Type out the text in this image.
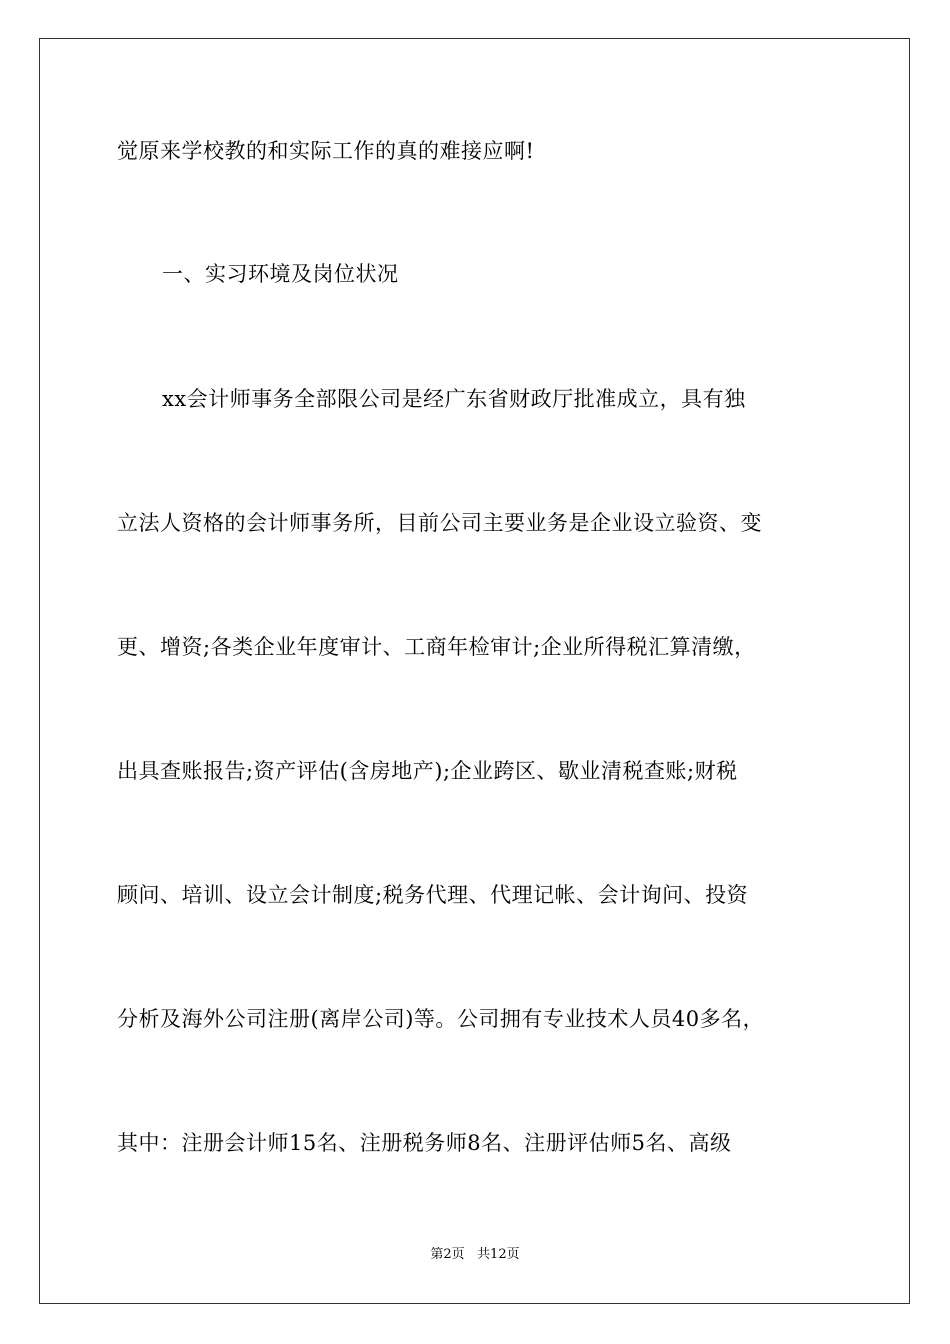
觉原来学校教的和实际工作的真的难接应啊!
一、实习环境及岗位状况
xx会计师事务全部限公司是经广东省财政厅批准成立，具有独
立法人资格的会计师事务所，目前公司主要业务是企业设立验资、变
更、增资;各类企业年度审计、工商年检审计;企业所得税汇算清缴，
出具查账报告;资产评估(含房地产);企业跨区、歇业清税查账;财税
顾问、培训、设立会计制度;税务代理、代理记帐、会计询问、投资
分析及海外公司注册(离岸公司)等。公司拥有专业技术人员40多名，
其中：注册会计师15名、注册税务师8名、注册评估师5名、高级
第2页   共12页
